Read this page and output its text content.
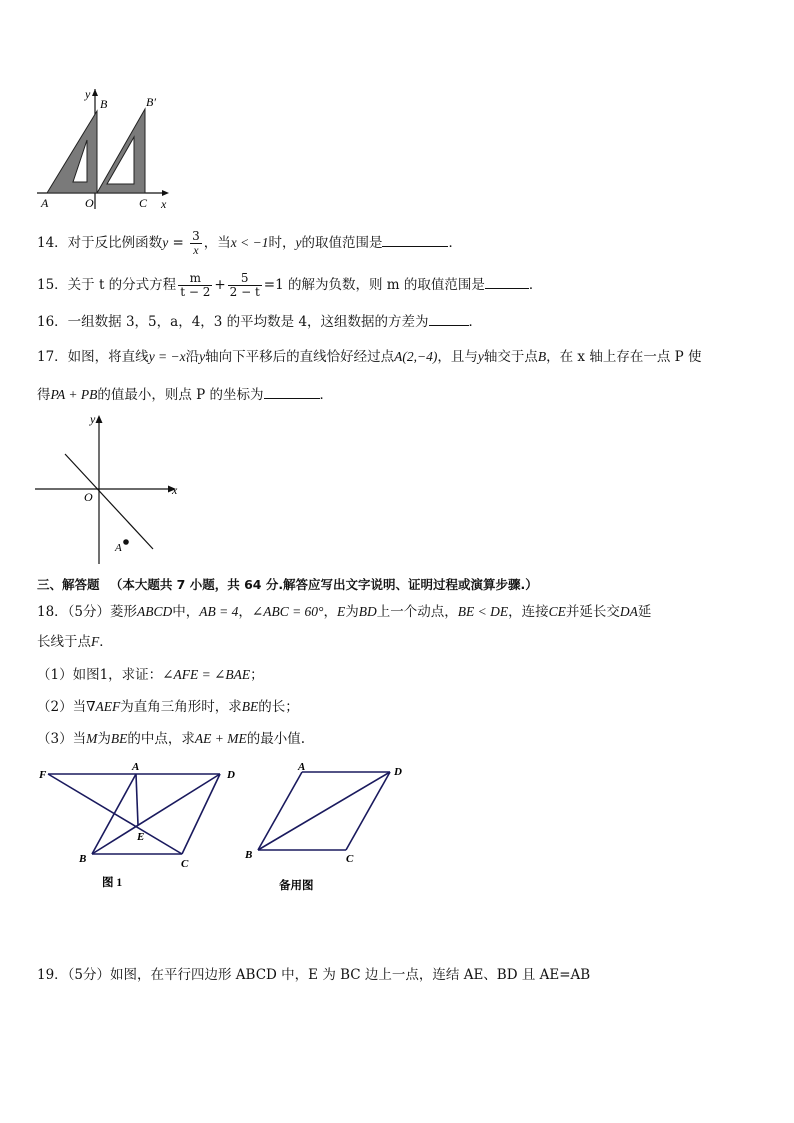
y
B	B′
A	O	C x
14．对于反比例函数$y = \frac{3}{x}$ ，当x < −1时，y的取值范围是	．
15．关于 t 的分式方程 $\frac{m}{t - 2} + \frac{5}{2 - t} =1$ 的解为负数，则 m 的取值范围是	．
16．一组数据 3，5，a，4，3 的平均数是 4，这组数据的方差为	．
17．如图，将直线y = −x沿y轴向下平移后的直线恰好经过点A(2,−4)，且与y轴交于点B，在 x 轴上存在一点 P 使
得PA + PB的值最小，则点 P 的坐标为	．
y
O	x
A
三、解答题 （本大题共 7 小题，共 64 分.解答应写出文字说明、证明过程或演算步骤.）
18．（5分）菱形ABCD中，AB = 4，∠ABC = 60°，E为BD上一个动点，BE < DE，连接CE并延长交DA延
长线于点F．
（1）如图1，求证：∠AFE = ∠BAE；
（2）当∇AEF为直角三角形时，求BE的长；
（3）当M为BE的中点，求AE + ME的最小值.
F
A
D
E
B	C
图 1
A	D
B	C
备用图
19．（5分）如图，在平行四边形 ABCD 中，E 为 BC 边上一点，连结 AE、BD 且 AE=AB
